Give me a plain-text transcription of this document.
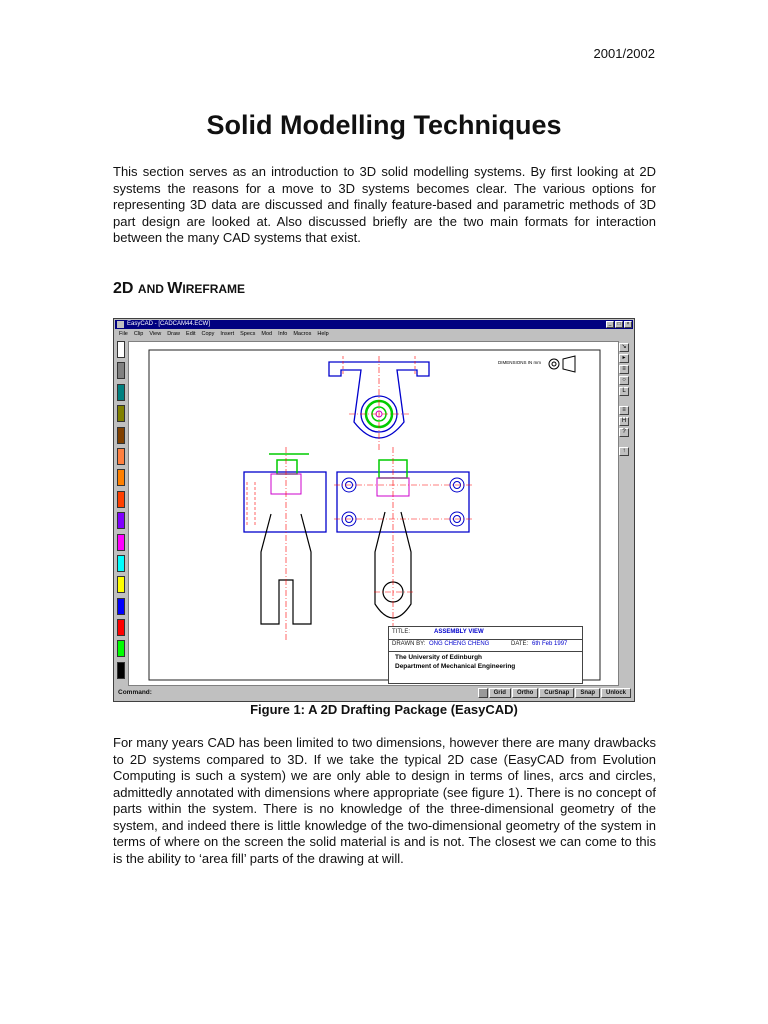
2001/2002
Solid Modelling Techniques

This section serves as an introduction to 3D solid modelling systems. By first looking at 2D systems the reasons for a move to 3D systems becomes clear. The various options for representing 3D data are discussed and finally feature-based and parametric methods of 3D part design are looked at. Also discussed briefly are the two main formats for interaction between the many CAD systems that exist.

2D AND WIREFRAME
EasyCAD - [CADCAM44.ECW]	_	□	×
File Clip View Draw Edit Copy Insert Specs Mod Info Macros Help
DIMENSIONS IN mm
TITLE:	ASSEMBLY VIEW
DRAWN BY: ONG CHENG CHENG	DATE: 6th Feb 1997
The University of Edinburgh
Department of Mechanical Engineering
↘
▸
≡
○
L
≡
H
?
↑
Command:	Grid	Ortho	CurSnap	Snap	Unlock
Figure 1: A 2D Drafting Package (EasyCAD)

For many years CAD has been limited to two dimensions, however there are many drawbacks to 2D systems compared to 3D. If we take the typical 2D case (EasyCAD from Evolution Computing is such a system) we are only able to design in terms of lines, arcs and circles, admittedly annotated with dimensions where appropriate (see figure 1). There is no concept of parts within the system. There is no knowledge of the three-dimensional geometry of the system, and indeed there is little knowledge of the two-dimensional geometry of the system in terms of where on the screen the solid material is and is not. The closest we can come to this is the ability to ‘area fill’ parts of the drawing at will.
